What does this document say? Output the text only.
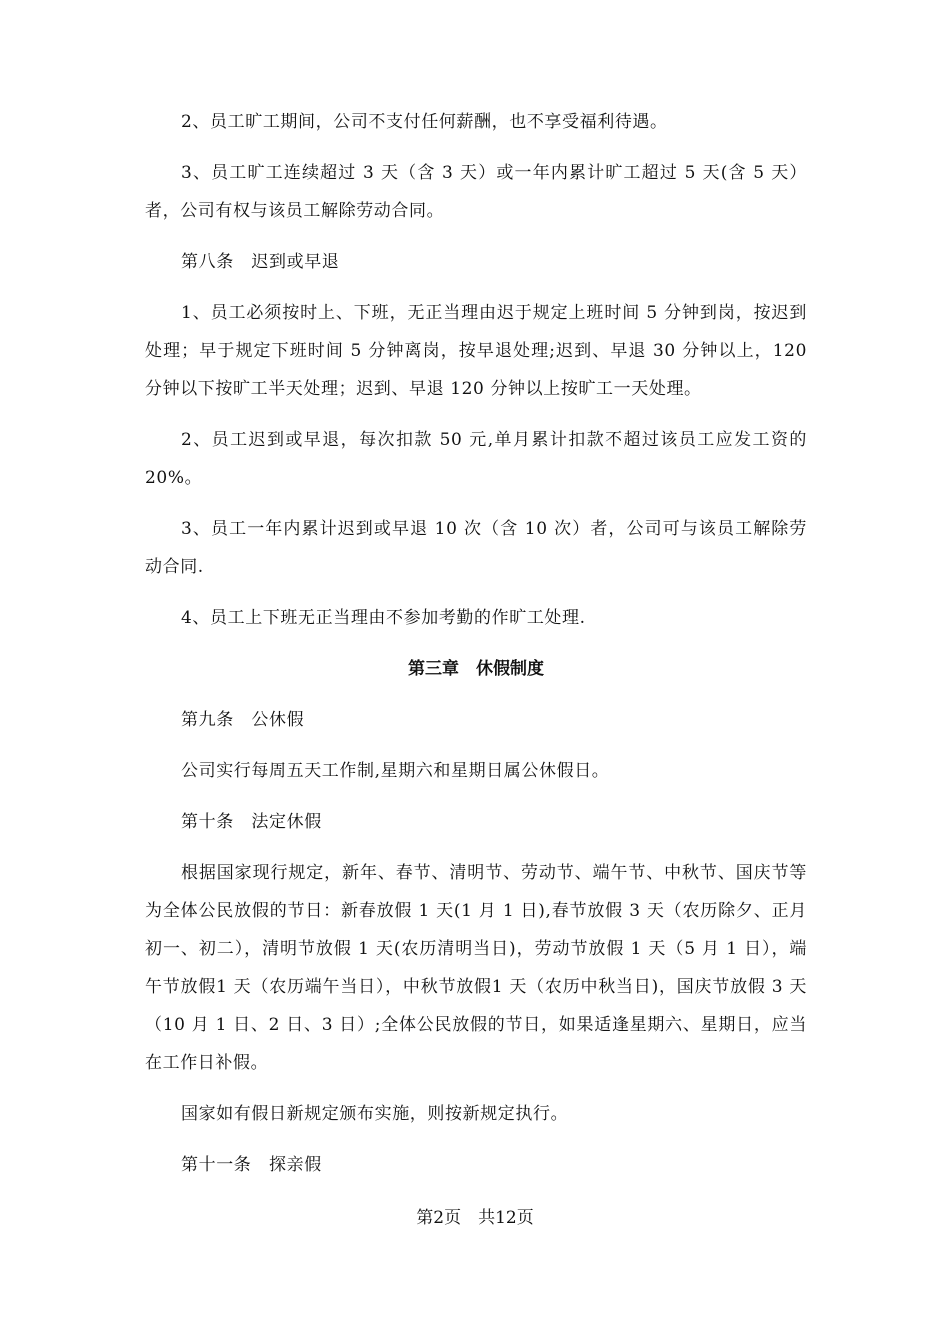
2、员工旷工期间，公司不支付任何薪酬，也不享受福利待遇。

3、员工旷工连续超过 3 天（含 3 天）或一年内累计旷工超过 5 天(含 5 天）者，公司有权与该员工解除劳动合同。

第八条　迟到或早退

1、员工必须按时上、下班，无正当理由迟于规定上班时间 5 分钟到岗，按迟到处理；早于规定下班时间 5 分钟离岗，按早退处理;迟到、早退 30 分钟以上，120 分钟以下按旷工半天处理；迟到、早退 120 分钟以上按旷工一天处理。

2、员工迟到或早退，每次扣款 50 元,单月累计扣款不超过该员工应发工资的 20%。

3、员工一年内累计迟到或早退 10 次（含 10 次）者，公司可与该员工解除劳动合同.

4、员工上下班无正当理由不参加考勤的作旷工处理.

第三章　休假制度

第九条　公休假

公司实行每周五天工作制,星期六和星期日属公休假日。

第十条　法定休假

根据国家现行规定，新年、春节、清明节、劳动节、端午节、中秋节、国庆节等为全体公民放假的节日：新春放假 1 天(1 月 1 日),春节放假 3 天（农历除夕、正月初一、初二），清明节放假 1 天(农历清明当日)，劳动节放假 1 天（5 月 1 日），端午节放假1 天（农历端午当日），中秋节放假1 天（农历中秋当日)，国庆节放假 3 天（10 月 1 日、2 日、3 日）;全体公民放假的节日，如果适逢星期六、星期日，应当在工作日补假。

国家如有假日新规定颁布实施，则按新规定执行。

第十一条　探亲假

第2页　共12页
